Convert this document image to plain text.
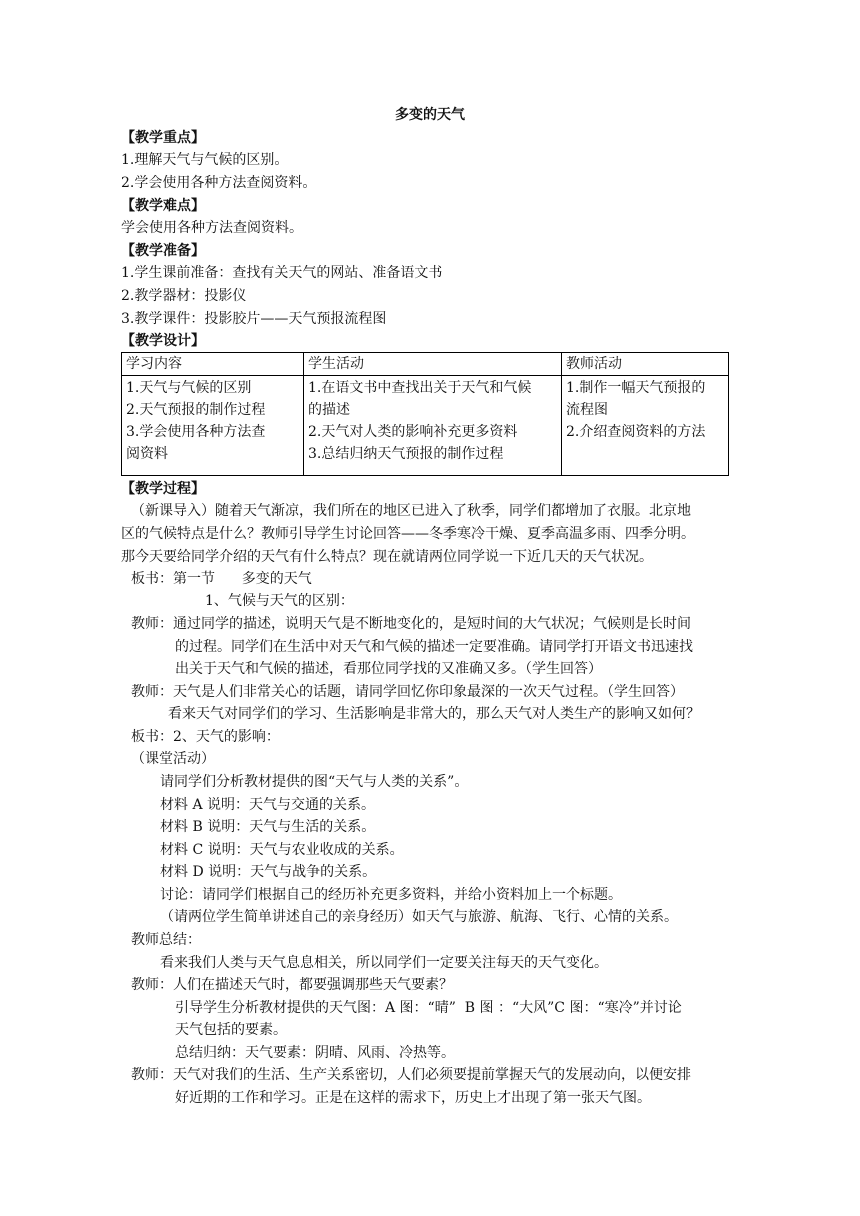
多变的天气
【教学重点】
1.理解天气与气候的区别。
2.学会使用各种方法查阅资料。
【教学难点】
学会使用各种方法查阅资料。
【教学准备】
1.学生课前准备：查找有关天气的网站、准备语文书
2.教学器材：投影仪
3.教学课件：投影胶片——天气预报流程图
【教学设计】
学习内容	学生活动	教师活动

1.天气与气候的区别
2.天气预报的制作过程
3.学会使用各种方法查
阅资料	1.在语文书中查找出关于天气和气候
的描述
2.天气对人类的影响补充更多资料
3.总结归纳天气预报的制作过程	1.制作一幅天气预报的
流程图
2.介绍查阅资料的方法
【教学过程】
（新课导入）随着天气渐凉，我们所在的地区已进入了秋季，同学们都增加了衣服。北京地
区的气候特点是什么？教师引导学生讨论回答——冬季寒冷干燥、夏季高温多雨、四季分明。
那今天要给同学介绍的天气有什么特点？现在就请两位同学说一下近几天的天气状况。
板书：第一节      多变的天气
1、气候与天气的区别：
教师：通过同学的描述，说明天气是不断地变化的，是短时间的大气状况；气候则是长时间
的过程。同学们在生活中对天气和气候的描述一定要准确。请同学打开语文书迅速找
出关于天气和气候的描述，看那位同学找的又准确又多。（学生回答）
教师：天气是人们非常关心的话题，请同学回忆你印象最深的一次天气过程。（学生回答）
看来天气对同学们的学习、生活影响是非常大的，那么天气对人类生产的影响又如何？
板书：2、天气的影响：
（课堂活动）
请同学们分析教材提供的图“天气与人类的关系”。
材料 A 说明：天气与交通的关系。
材料 B 说明：天气与生活的关系。
材料 C 说明：天气与农业收成的关系。
材料 D 说明：天气与战争的关系。
讨论：请同学们根据自己的经历补充更多资料，并给小资料加上一个标题。
（请两位学生简单讲述自己的亲身经历）如天气与旅游、航海、飞行、心情的关系。
教师总结：
看来我们人类与天气息息相关，所以同学们一定要关注每天的天气变化。
教师：人们在描述天气时，都要强调那些天气要素？
引导学生分析教材提供的天气图：A 图：“晴”  B 图 ：“大风”C 图：“寒冷”并讨论
天气包括的要素。
总结归纳：天气要素：阴晴、风雨、冷热等。
教师：天气对我们的生活、生产关系密切，人们必须要提前掌握天气的发展动向，以便安排
好近期的工作和学习。正是在这样的需求下，历史上才出现了第一张天气图。
